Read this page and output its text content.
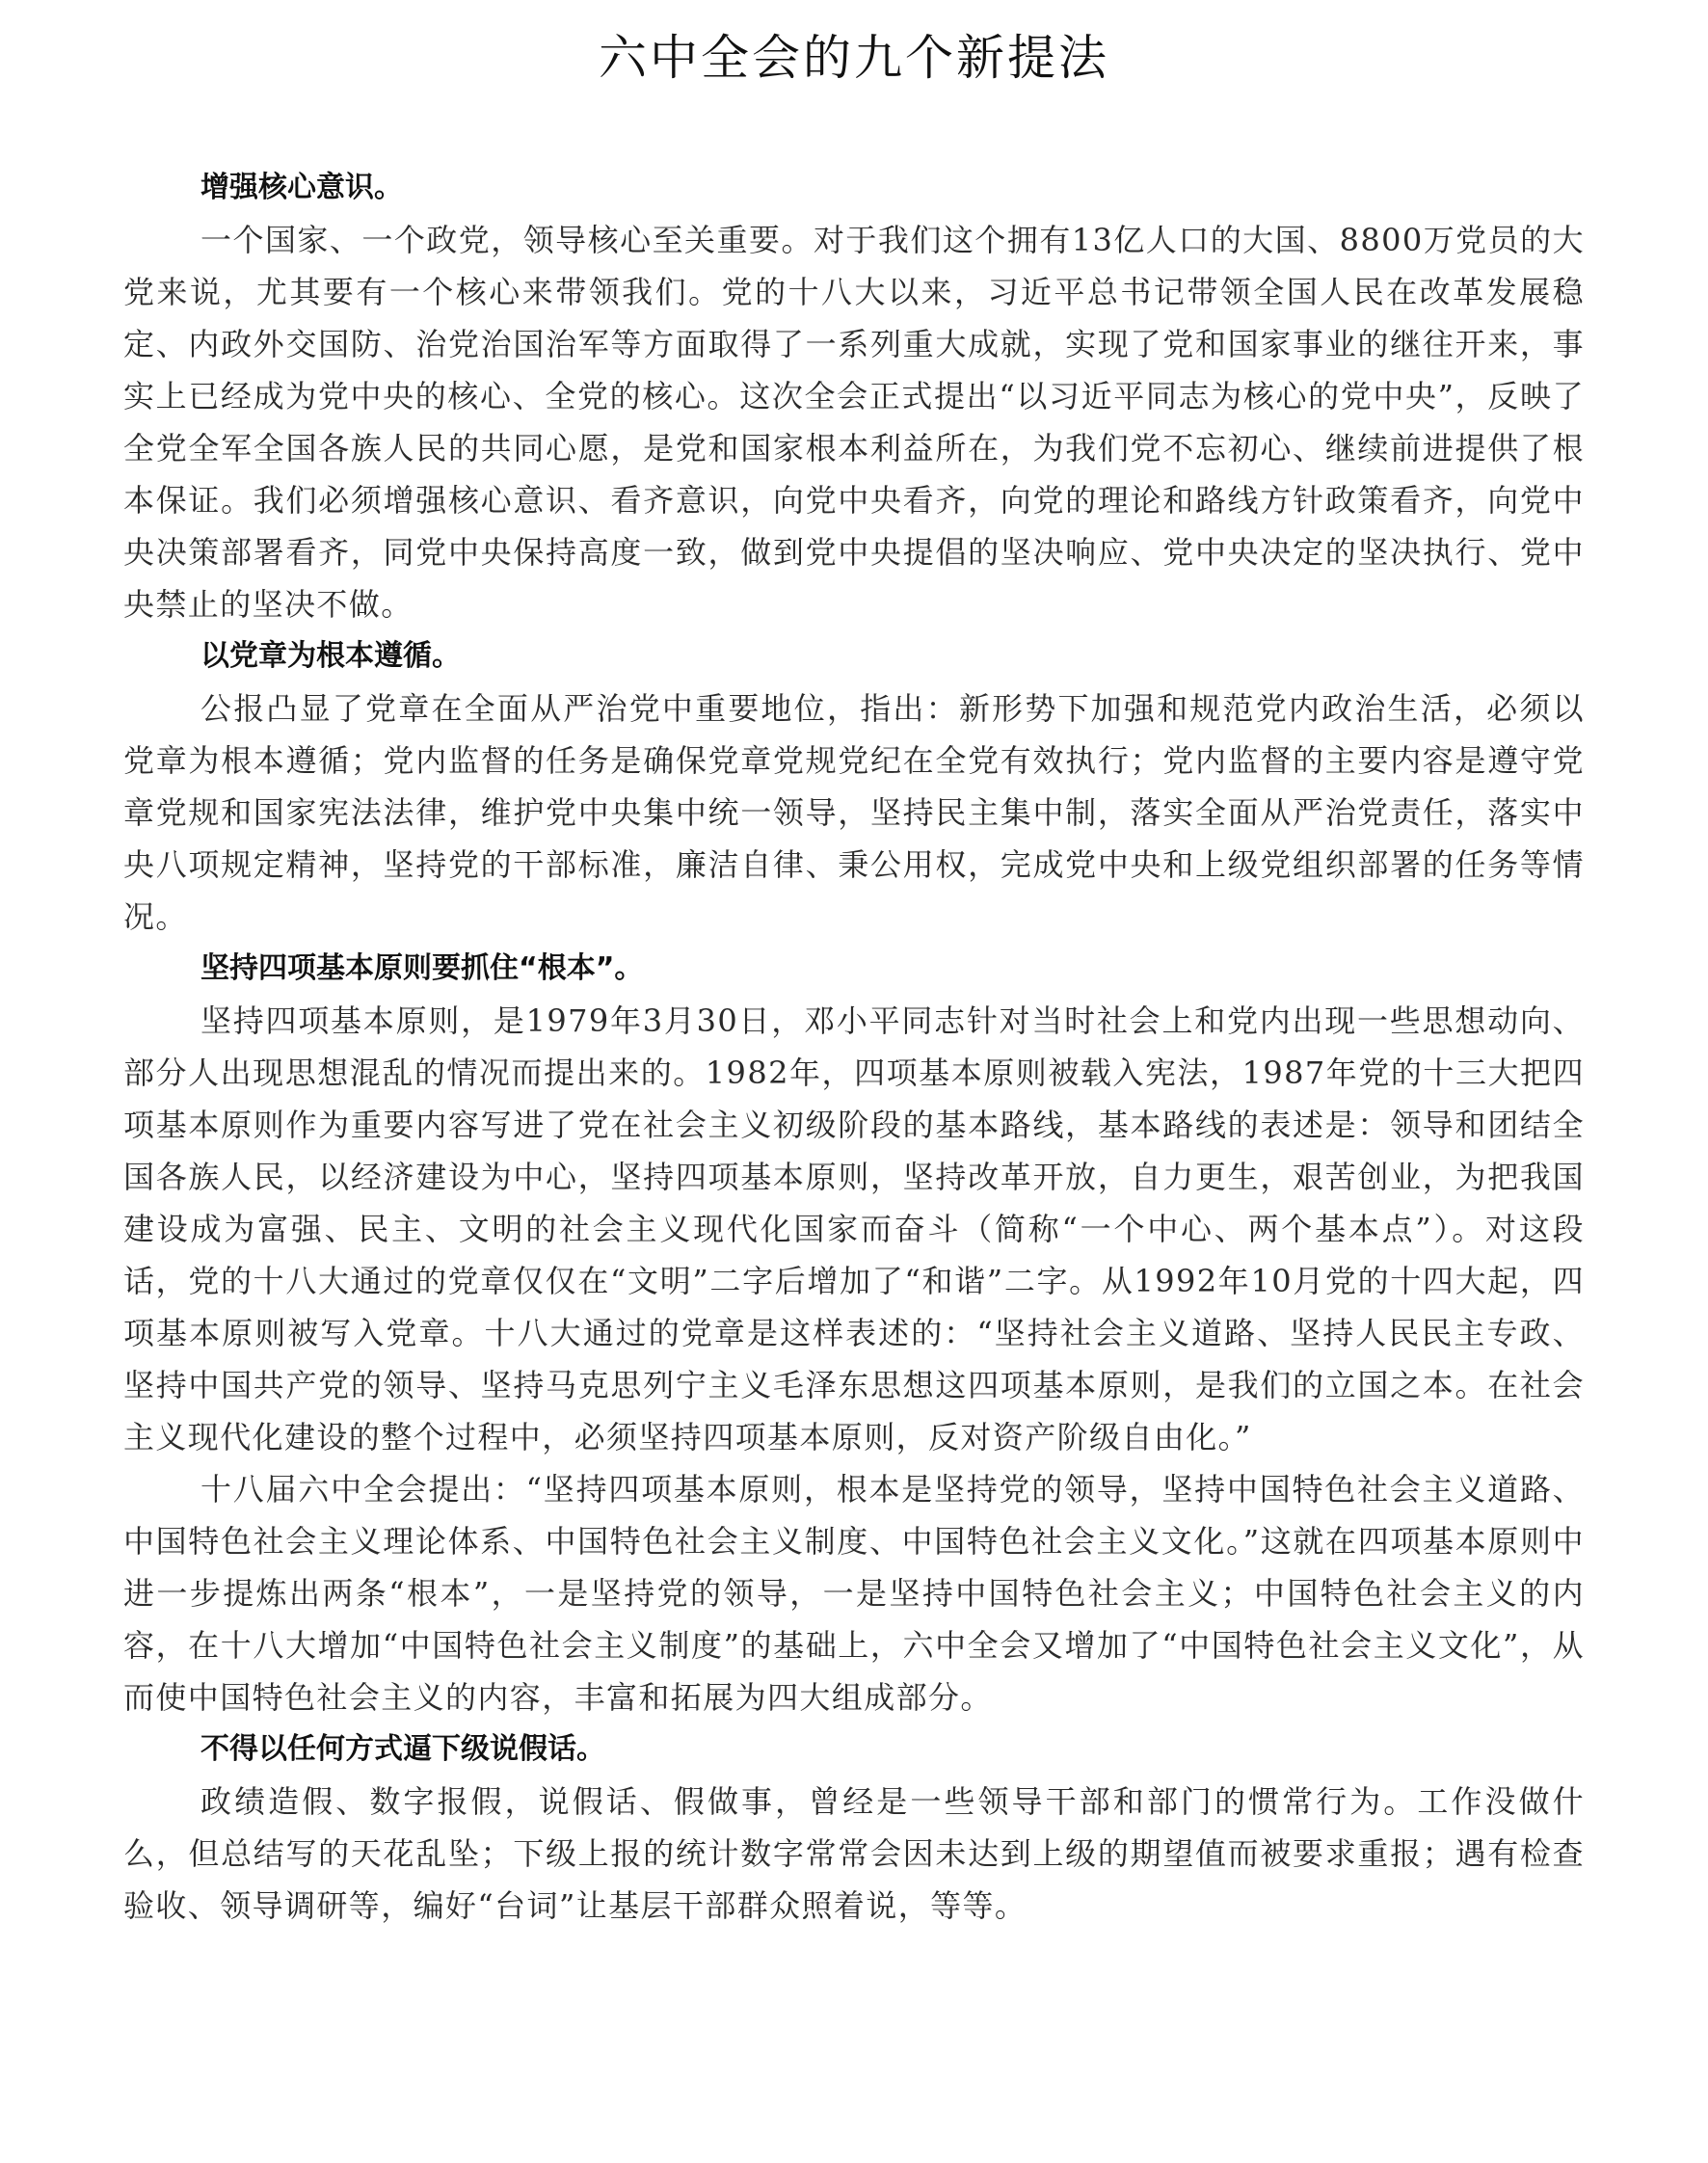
六中全会的九个新提法
增强核心意识。

一个国家、一个政党，领导核心至关重要。对于我们这个拥有13亿人口的大国、8800万党员的大党来说，尤其要有一个核心来带领我们。党的十八大以来，习近平总书记带领全国人民在改革发展稳定、内政外交国防、治党治国治军等方面取得了一系列重大成就，实现了党和国家事业的继往开来，事实上已经成为党中央的核心、全党的核心。这次全会正式提出“以习近平同志为核心的党中央”，反映了全党全军全国各族人民的共同心愿，是党和国家根本利益所在，为我们党不忘初心、继续前进提供了根本保证。我们必须增强核心意识、看齐意识，向党中央看齐，向党的理论和路线方针政策看齐，向党中央决策部署看齐，同党中央保持高度一致，做到党中央提倡的坚决响应、党中央决定的坚决执行、党中央禁止的坚决不做。

以党章为根本遵循。

公报凸显了党章在全面从严治党中重要地位，指出：新形势下加强和规范党内政治生活，必须以党章为根本遵循；党内监督的任务是确保党章党规党纪在全党有效执行；党内监督的主要内容是遵守党章党规和国家宪法法律，维护党中央集中统一领导，坚持民主集中制，落实全面从严治党责任，落实中央八项规定精神，坚持党的干部标准，廉洁自律、秉公用权，完成党中央和上级党组织部署的任务等情况。

坚持四项基本原则要抓住“根本”。

坚持四项基本原则，是1979年3月30日，邓小平同志针对当时社会上和党内出现一些思想动向、部分人出现思想混乱的情况而提出来的。1982年，四项基本原则被载入宪法，1987年党的十三大把四项基本原则作为重要内容写进了党在社会主义初级阶段的基本路线，基本路线的表述是：领导和团结全国各族人民，以经济建设为中心，坚持四项基本原则，坚持改革开放，自力更生，艰苦创业，为把我国建设成为富强、民主、文明的社会主义现代化国家而奋斗（简称“一个中心、两个基本点”）。对这段话，党的十八大通过的党章仅仅在“文明”二字后增加了“和谐”二字。从1992年10月党的十四大起，四项基本原则被写入党章。十八大通过的党章是这样表述的：“坚持社会主义道路、坚持人民民主专政、坚持中国共产党的领导、坚持马克思列宁主义毛泽东思想这四项基本原则，是我们的立国之本。在社会主义现代化建设的整个过程中，必须坚持四项基本原则，反对资产阶级自由化。”

十八届六中全会提出：“坚持四项基本原则，根本是坚持党的领导，坚持中国特色社会主义道路、中国特色社会主义理论体系、中国特色社会主义制度、中国特色社会主义文化。”这就在四项基本原则中进一步提炼出两条“根本”，一是坚持党的领导，一是坚持中国特色社会主义；中国特色社会主义的内容，在十八大增加“中国特色社会主义制度”的基础上，六中全会又增加了“中国特色社会主义文化”，从而使中国特色社会主义的内容，丰富和拓展为四大组成部分。

不得以任何方式逼下级说假话。

政绩造假、数字报假，说假话、假做事，曾经是一些领导干部和部门的惯常行为。工作没做什么，但总结写的天花乱坠；下级上报的统计数字常常会因未达到上级的期望值而被要求重报；遇有检查验收、领导调研等，编好“台词”让基层干部群众照着说，等等。
